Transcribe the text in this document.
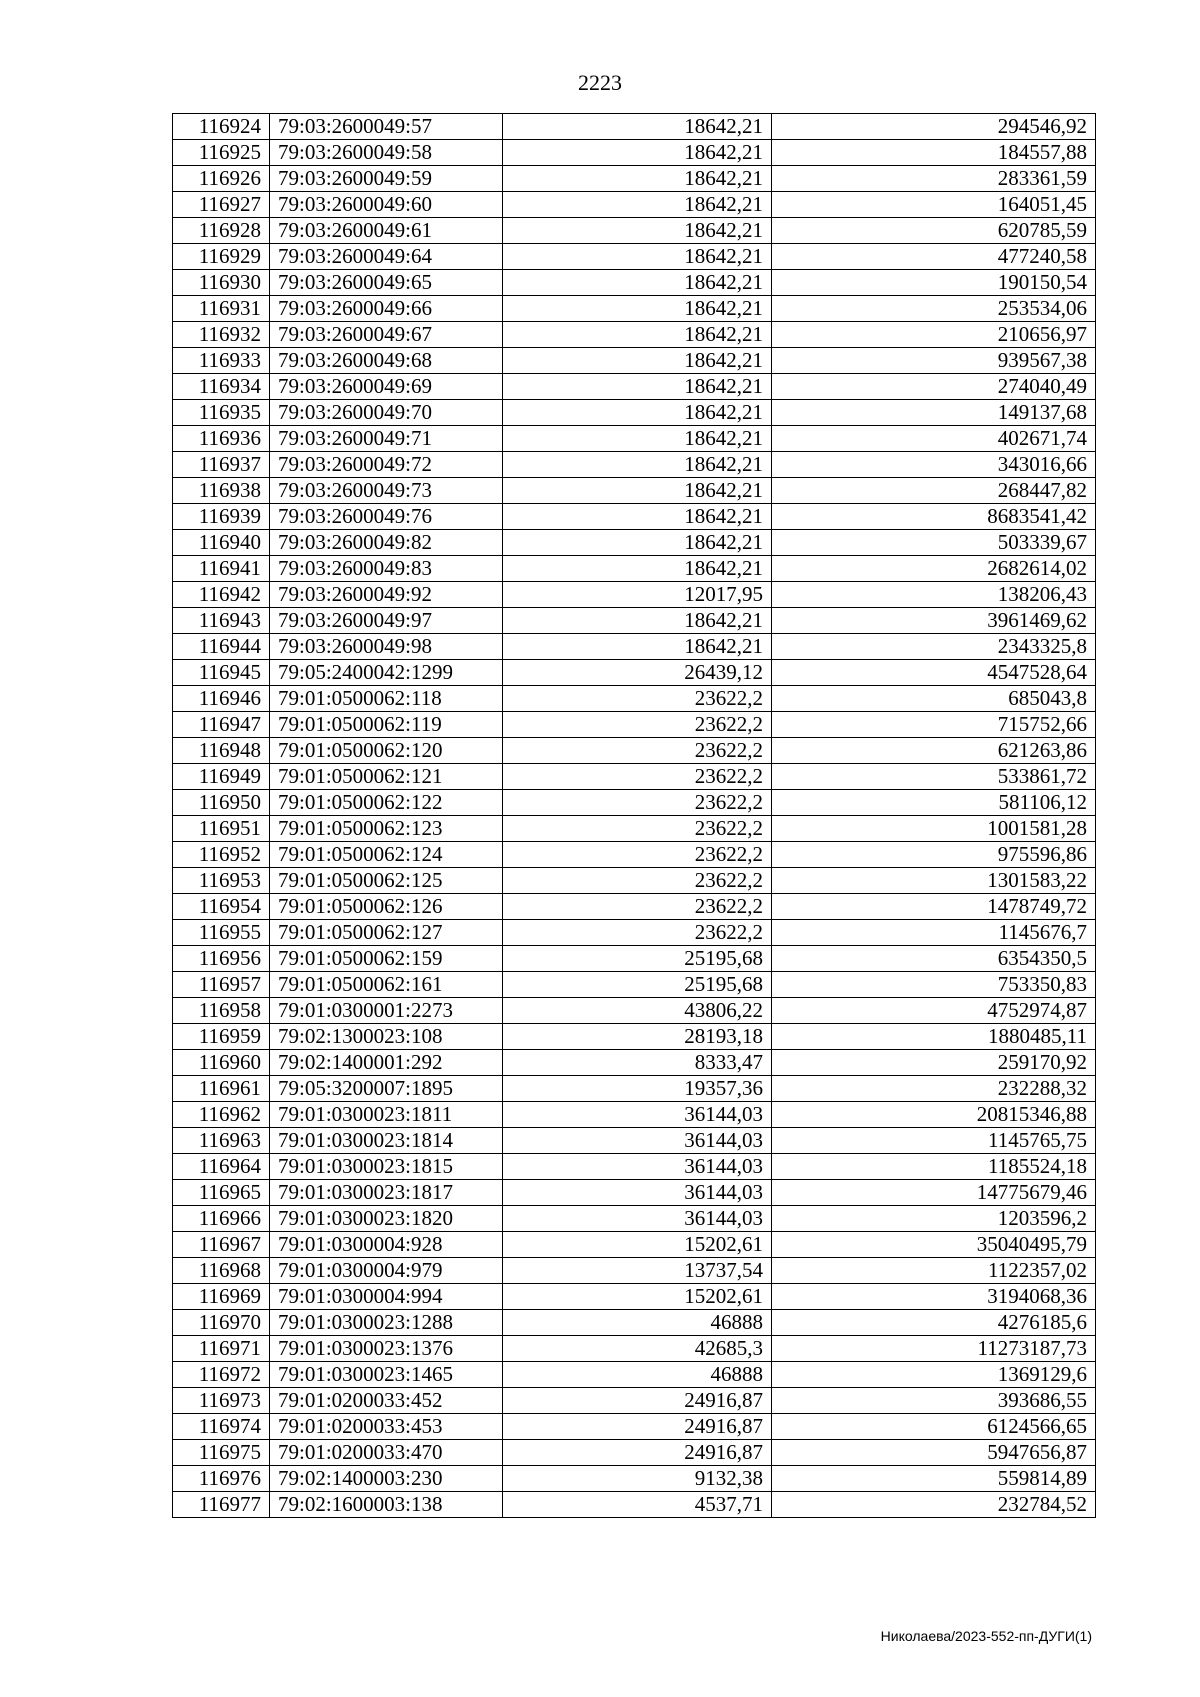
2223
116924	79:03:2600049:57	18642,21	294546,92
116925	79:03:2600049:58	18642,21	184557,88
116926	79:03:2600049:59	18642,21	283361,59
116927	79:03:2600049:60	18642,21	164051,45
116928	79:03:2600049:61	18642,21	620785,59
116929	79:03:2600049:64	18642,21	477240,58
116930	79:03:2600049:65	18642,21	190150,54
116931	79:03:2600049:66	18642,21	253534,06
116932	79:03:2600049:67	18642,21	210656,97
116933	79:03:2600049:68	18642,21	939567,38
116934	79:03:2600049:69	18642,21	274040,49
116935	79:03:2600049:70	18642,21	149137,68
116936	79:03:2600049:71	18642,21	402671,74
116937	79:03:2600049:72	18642,21	343016,66
116938	79:03:2600049:73	18642,21	268447,82
116939	79:03:2600049:76	18642,21	8683541,42
116940	79:03:2600049:82	18642,21	503339,67
116941	79:03:2600049:83	18642,21	2682614,02
116942	79:03:2600049:92	12017,95	138206,43
116943	79:03:2600049:97	18642,21	3961469,62
116944	79:03:2600049:98	18642,21	2343325,8
116945	79:05:2400042:1299	26439,12	4547528,64
116946	79:01:0500062:118	23622,2	685043,8
116947	79:01:0500062:119	23622,2	715752,66
116948	79:01:0500062:120	23622,2	621263,86
116949	79:01:0500062:121	23622,2	533861,72
116950	79:01:0500062:122	23622,2	581106,12
116951	79:01:0500062:123	23622,2	1001581,28
116952	79:01:0500062:124	23622,2	975596,86
116953	79:01:0500062:125	23622,2	1301583,22
116954	79:01:0500062:126	23622,2	1478749,72
116955	79:01:0500062:127	23622,2	1145676,7
116956	79:01:0500062:159	25195,68	6354350,5
116957	79:01:0500062:161	25195,68	753350,83
116958	79:01:0300001:2273	43806,22	4752974,87
116959	79:02:1300023:108	28193,18	1880485,11
116960	79:02:1400001:292	8333,47	259170,92
116961	79:05:3200007:1895	19357,36	232288,32
116962	79:01:0300023:1811	36144,03	20815346,88
116963	79:01:0300023:1814	36144,03	1145765,75
116964	79:01:0300023:1815	36144,03	1185524,18
116965	79:01:0300023:1817	36144,03	14775679,46
116966	79:01:0300023:1820	36144,03	1203596,2
116967	79:01:0300004:928	15202,61	35040495,79
116968	79:01:0300004:979	13737,54	1122357,02
116969	79:01:0300004:994	15202,61	3194068,36
116970	79:01:0300023:1288	46888	4276185,6
116971	79:01:0300023:1376	42685,3	11273187,73
116972	79:01:0300023:1465	46888	1369129,6
116973	79:01:0200033:452	24916,87	393686,55
116974	79:01:0200033:453	24916,87	6124566,65
116975	79:01:0200033:470	24916,87	5947656,87
116976	79:02:1400003:230	9132,38	559814,89
116977	79:02:1600003:138	4537,71	232784,52
Николаева/2023-552-пп-ДУГИ(1)
